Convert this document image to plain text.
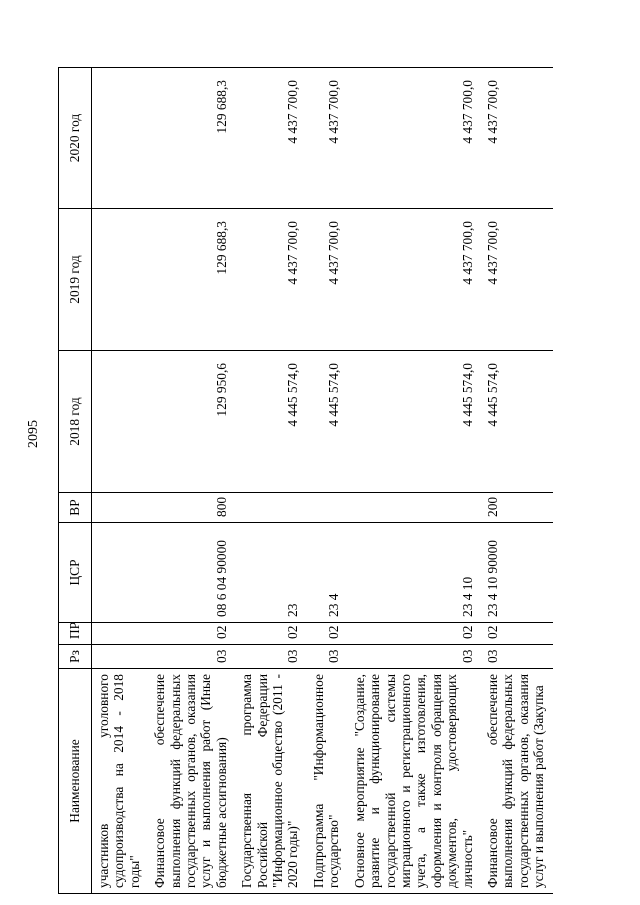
2095
Наименование	Рз	ПР	ЦСР	ВР	2018 год	2019 год	2020 год
участников уголовного судопроизводства на 2014 - 2018 годы"							
Финансовое обеспечение выполнения функций федеральных государственных органов, оказания услуг и выполнения работ (Иные бюджетные ассигнования)	03	02	08 6 04 90000	800	129 950,6	129 688,3	129 688,3
Государственная программа Российской Федерации "Информационное общество (2011 - 2020 годы)"	03	02	23		4 445 574,0	4 437 700,0	4 437 700,0
Подпрограмма "Информационное государство"	03	02	23 4		4 445 574,0	4 437 700,0	4 437 700,0
Основное мероприятие "Создание, развитие и функционирование государственной системы миграционного и регистрационного учета, а также изготовления, оформления и контроля обращения документов, удостоверяющих личность"	03	02	23 4 10		4 445 574,0	4 437 700,0	4 437 700,0
Финансовое обеспечение выполнения функций федеральных государственных органов, оказания услуг и выполнения работ (Закупка	03	02	23 4 10 90000	200	4 445 574,0	4 437 700,0	4 437 700,0
